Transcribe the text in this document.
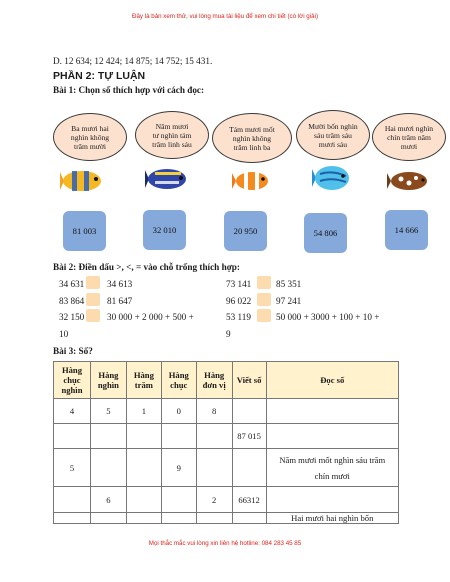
Đây là bản xem thử, vui lòng mua tài liệu để xem chi tiết (có lời giải)
D. 12 634; 12 424; 14 875; 14 752; 15 431.
PHẦN 2: TỰ LUẬN
Bài 1: Chọn số thích hợp với cách đọc:
Ba mươi hai
nghìn không
trăm mười
Năm mươi
tư nghìn tám
trăm linh sáu
Tám mươi mốt
nghìn không
trăm linh ba
Mười bốn nghìn
sáu trăm sáu
mươi sáu
Hai mươi nghìn
chín trăm năm
mươi
81 003	32 010	20 950	54 806	14 666
Bài 2: Điền dấu >, <, = vào chỗ trống thích hợp:
34 631 34 613	73 141	85 351
83 864 81 647	96 022	97 241
32 150 30 000 + 2 000 + 500 +	53 119	50 000 + 3000 + 100 + 10 +
10	9
Bài 3: Số?
Hàng chục nghìn	Hàng nghìn	Hàng trăm	Hàng chục	Hàng đơn vị	Viết số	Đọc số
4	5	1	0	8		
					87 015	
5			9			Năm mươi mốt nghìn sáu trăm chín mươi
	6			2	66312	
						Hai mươi hai nghìn bốn
Mọi thắc mắc vui lòng xin liên hệ hotline: 084 283 45 85
